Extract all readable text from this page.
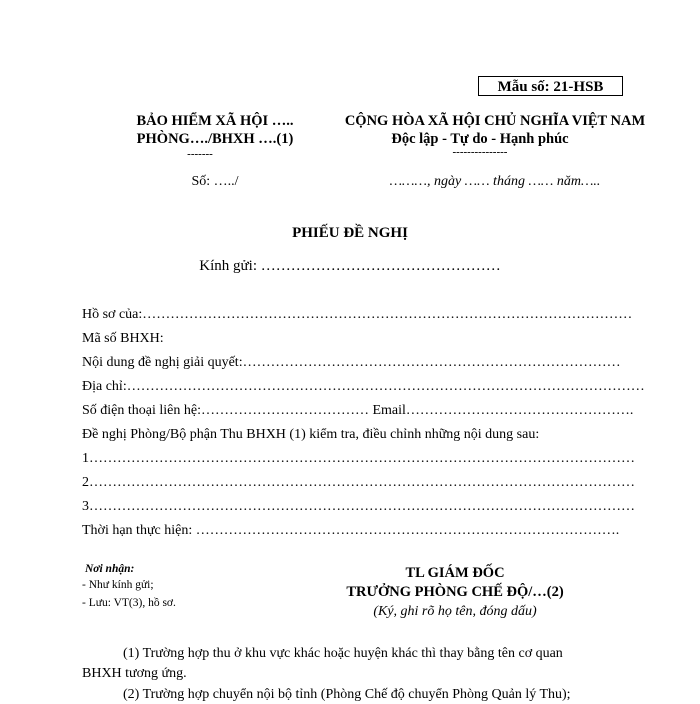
Mẫu số: 21-HSB
BẢO HIỂM XÃ HỘI …..
PHÒNG…./BHXH ….(1)
-------
Số: …../
CỘNG HÒA XÃ HỘI CHỦ NGHĨA VIỆT NAM
Độc lập - Tự do - Hạnh phúc
---------------
………, ngày …… tháng …… năm…..
PHIẾU ĐỀ NGHỊ
Kính gửi: …………………………………………
Hồ sơ của:……………………………………………………………………………………………
Mã số BHXH:
Nội dung đề nghị giải quyết:………………………………………………………………………
Địa chỉ:…………………………………………………………………………………………………
Số điện thoại liên hệ:……………………………… Email………………………………………….
Đề nghị Phòng/Bộ phận Thu BHXH (1) kiểm tra, điều chỉnh những nội dung sau:
1………………………………………………………………………………………………………
2………………………………………………………………………………………………………
3………………………………………………………………………………………………………
Thời hạn thực hiện: ……………………………………………………………………………….
Nơi nhận:
- Như kính gửi;
- Lưu: VT(3), hồ sơ.
TL GIÁM ĐỐC
TRƯỞNG PHÒNG CHẾ ĐỘ/…(2)
(Ký, ghi rõ họ tên, đóng dấu)
(1) Trường hợp thu ở khu vực khác hoặc huyện khác thì thay bằng tên cơ quan
BHXH tương ứng.
(2) Trường hợp chuyển nội bộ tỉnh (Phòng Chế độ chuyển Phòng Quản lý Thu);
